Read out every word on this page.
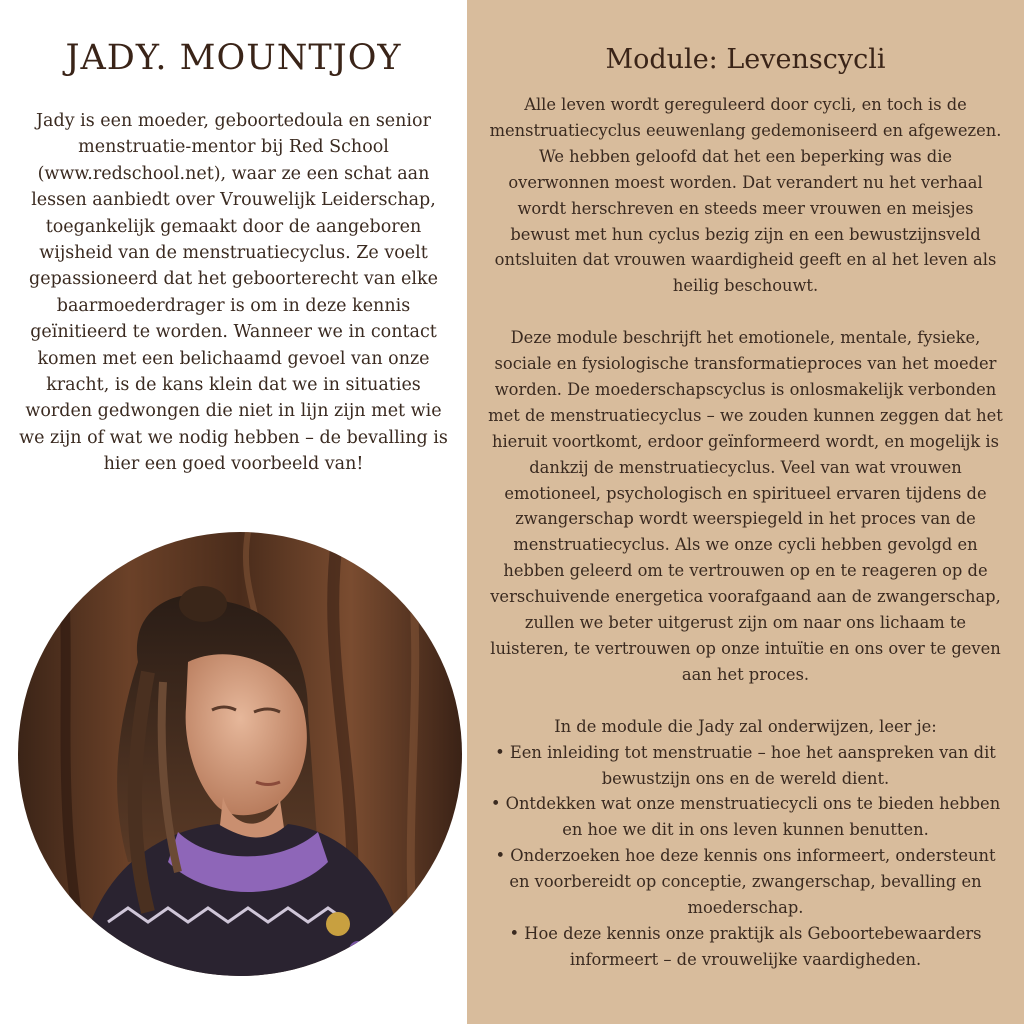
JADY. MOUNTJOY

Jady is een moeder, geboortedoula en senior menstruatie-mentor bij Red School (www.redschool.net), waar ze een schat aan lessen aanbiedt over Vrouwelijk Leiderschap, toegankelijk gemaakt door de aangeboren wijsheid van de menstruatiecyclus. Ze voelt gepassioneerd dat het geboorterecht van elke baarmoederdrager is om in deze kennis geïnitieerd te worden. Wanneer we in contact komen met een belichaamd gevoel van onze kracht, is de kans klein dat we in situaties worden gedwongen die niet in lijn zijn met wie we zijn of wat we nodig hebben – de bevalling is hier een goed voorbeeld van!

Module: Levenscycli

Alle leven wordt gereguleerd door cycli, en toch is de menstruatiecyclus eeuwenlang gedemoniseerd en afgewezen. We hebben geloofd dat het een beperking was die overwonnen moest worden. Dat verandert nu het verhaal wordt herschreven en steeds meer vrouwen en meisjes bewust met hun cyclus bezig zijn en een bewustzijnsveld ontsluiten dat vrouwen waardigheid geeft en al het leven als heilig beschouwt.

Deze module beschrijft het emotionele, mentale, fysieke, sociale en fysiologische transformatieproces van het moeder worden. De moederschapscyclus is onlosmakelijk verbonden met de menstruatiecyclus – we zouden kunnen zeggen dat het hieruit voortkomt, erdoor geïnformeerd wordt, en mogelijk is dankzij de menstruatiecyclus. Veel van wat vrouwen emotioneel, psychologisch en spiritueel ervaren tijdens de zwangerschap wordt weerspiegeld in het proces van de menstruatiecyclus. Als we onze cycli hebben gevolgd en hebben geleerd om te vertrouwen op en te reageren op de verschuivende energetica voorafgaand aan de zwangerschap, zullen we beter uitgerust zijn om naar ons lichaam te luisteren, te vertrouwen op onze intuïtie en ons over te geven aan het proces.

In de module die Jady zal onderwijzen, leer je:

• Een inleiding tot menstruatie – hoe het aanspreken van dit bewustzijn ons en de wereld dient.
• Ontdekken wat onze menstruatiecycli ons te bieden hebben en hoe we dit in ons leven kunnen benutten.
• Onderzoeken hoe deze kennis ons informeert, ondersteunt en voorbereidt op conceptie, zwangerschap, bevalling en moederschap.
• Hoe deze kennis onze praktijk als Geboortebewaarders informeert – de vrouwelijke vaardigheden.
